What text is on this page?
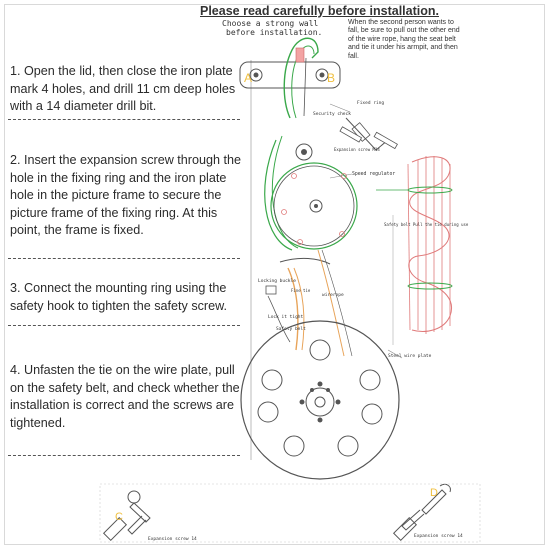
Please read carefully before installation.
Choose a strong wall
before installation.
When the second person wants to fall, be sure to pull out the other end of the wire rope, hang the seat belt and tie it under his armpit, and then fall.
1. Open the lid, then close the iron plate mark 4 holes, and drill 11 cm deep holes with a 14 diameter drill bit.
2. Insert the expansion screw through the hole in the fixing ring and the iron plate hole in the picture frame to secure the picture frame of the fixing ring. At this point, the frame is fixed.
3. Connect the mounting ring using the safety hook to tighten the safety screw.
4. Unfasten the tie on the wire plate, pull on the safety belt, and check whether the installation is correct and the screws are tightened.
A	B
Security check
Fixed ring
Expansion screw M14
Speed regulator
Safety belt Pull the tie during use
Locking buckle
Fine tie
wirerope
Lock it tight
Safety belt
Steel wire plate
C
Expansion screw 14
D
Expansion screw 14
